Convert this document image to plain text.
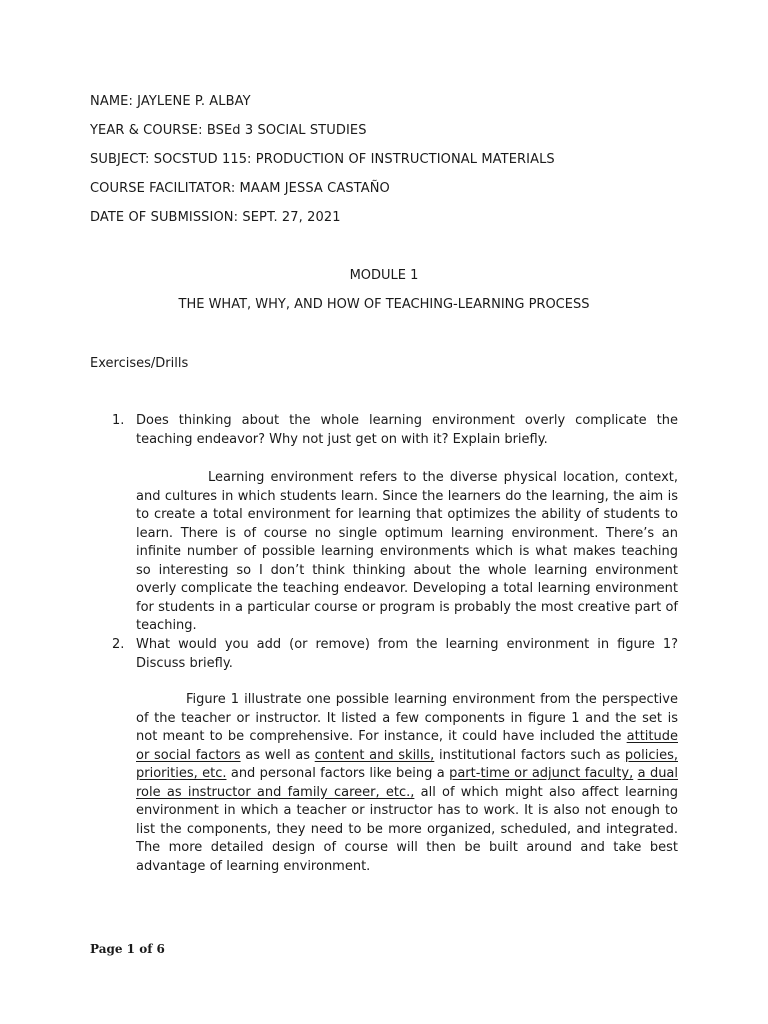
NAME: JAYLENE P. ALBAY
YEAR & COURSE: BSEd 3 SOCIAL STUDIES
SUBJECT: SOCSTUD 115: PRODUCTION OF INSTRUCTIONAL MATERIALS
COURSE FACILITATOR: MAAM JESSA CASTAÑO
DATE OF SUBMISSION: SEPT. 27, 2021
MODULE 1
THE WHAT, WHY, AND HOW OF TEACHING-LEARNING PROCESS
Exercises/Drills
1. Does thinking about the whole learning environment overly complicate the teaching endeavor? Why not just get on with it? Explain briefly.

Learning environment refers to the diverse physical location, context, and cultures in which students learn. Since the learners do the learning, the aim is to create a total environment for learning that optimizes the ability of students to learn. There is of course no single optimum learning environment. There’s an infinite number of possible learning environments which is what makes teaching so interesting so I don’t think thinking about the whole learning environment overly complicate the teaching endeavor. Developing a total learning environment for students in a particular course or program is probably the most creative part of teaching.

2. What would you add (or remove) from the learning environment in figure 1? Discuss briefly.

Figure 1 illustrate one possible learning environment from the perspective of the teacher or instructor. It listed a few components in figure 1 and the set is not meant to be comprehensive. For instance, it could have included the attitude or social factors as well as content and skills, institutional factors such as policies, priorities, etc. and personal factors like being a part-time or adjunct faculty, a dual role as instructor and family career, etc., all of which might also affect learning environment in which a teacher or instructor has to work. It is also not enough to list the components, they need to be more organized, scheduled, and integrated. The more detailed design of course will then be built around and take best advantage of learning environment.

Page 1 of 6
